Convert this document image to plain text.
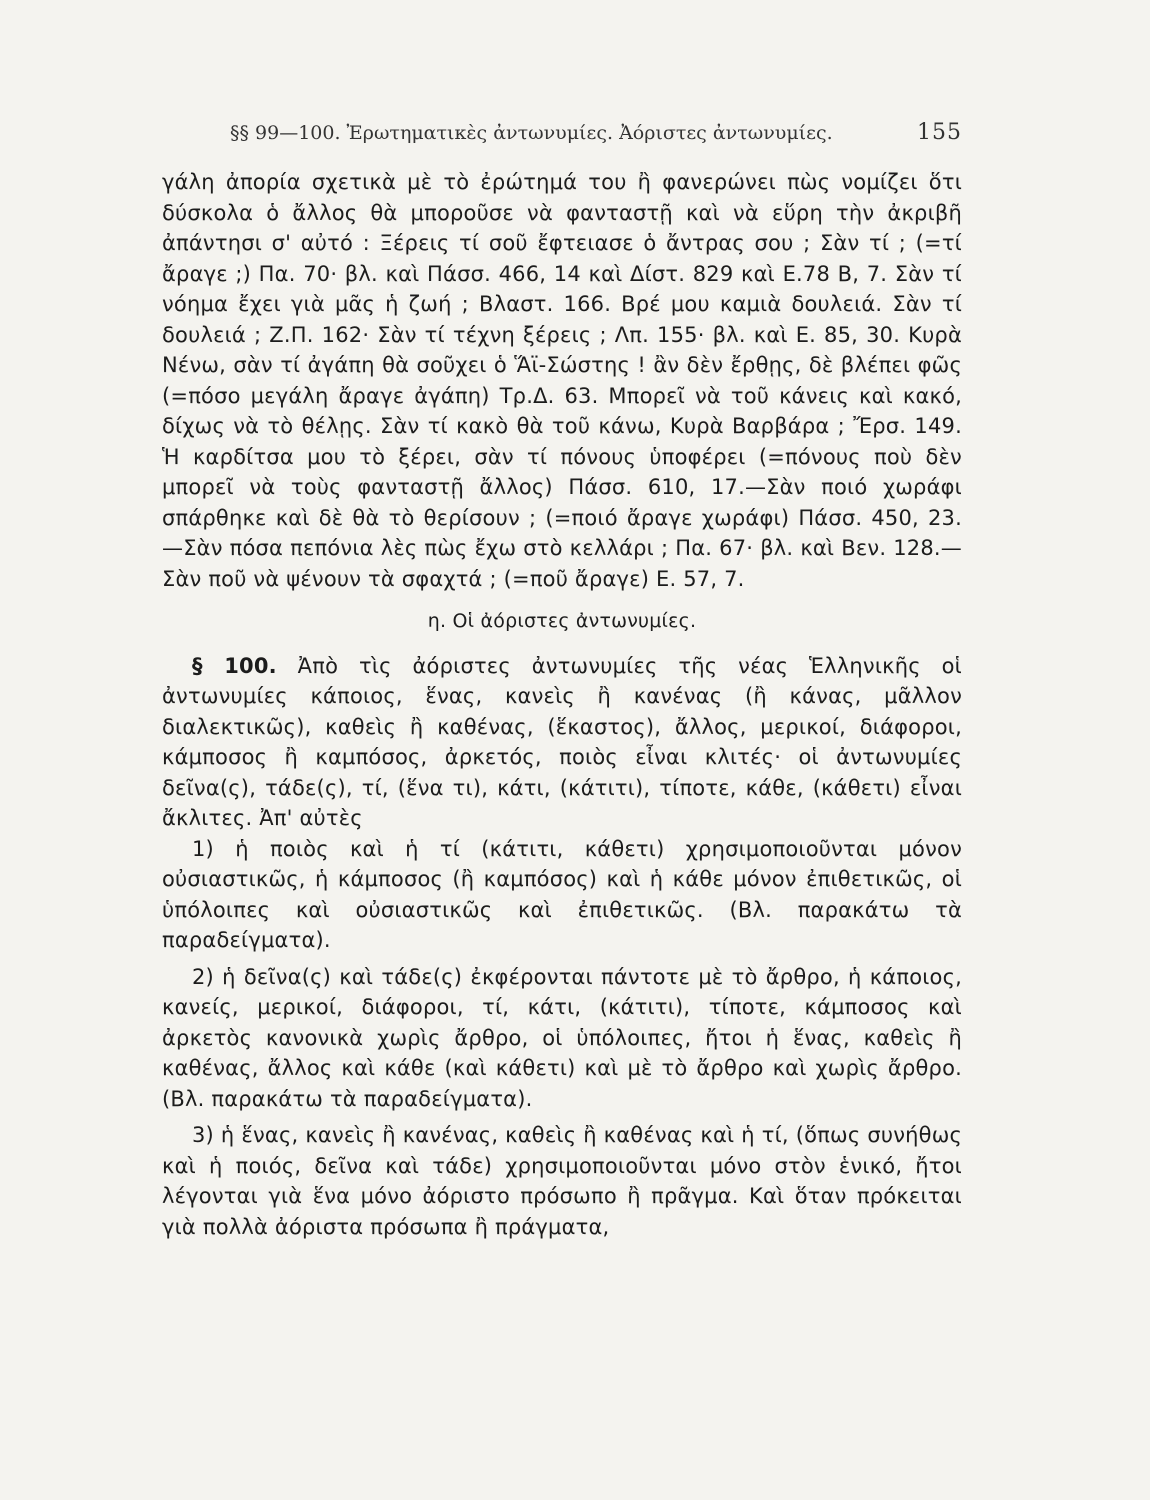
§§ 99—100. Ἐρωτηματικὲς ἀντωνυμίες. Ἀόριστες ἀντωνυμίες.	155

γάλη ἀπορία σχετικὰ μὲ τὸ ἐρώτημά του ἢ φανερώνει πὼς νομίζει ὅτι δύσκολα ὁ ἄλλος θὰ μποροῦσε νὰ φανταστῇ καὶ νὰ εὕρη τὴν ἀκριβῆ ἀπάντησι σ' αὐτό : Ξέρεις τί σοῦ ἔφτειασε ὁ ἄντρας σου ; Σὰν τί ; (=τί ἄραγε ;) Πα. 70· βλ. καὶ Πάσσ. 466, 14 καὶ Δίστ. 829 καὶ Ε.78 Β, 7. Σὰν τί νόημα ἔχει γιὰ μᾶς ἡ ζωή ; Βλαστ. 166. Βρέ μου καμιὰ δουλειά. Σὰν τί δουλειά ; Ζ.Π. 162· Σὰν τί τέχνη ξέρεις ; Λπ. 155· βλ. καὶ Ε. 85, 30. Κυρὰ Νένω, σὰν τί ἀγάπη θὰ σοῦχει ὁ Ἅϊ-Σώστης ! ἂν δὲν ἔρθῃς, δὲ βλέπει φῶς (=πόσο μεγάλη ἄραγε ἀγάπη) Τρ.Δ. 63. Μπορεῖ νὰ τοῦ κάνεις καὶ κακό, δίχως νὰ τὸ θέλῃς. Σὰν τί κακὸ θὰ τοῦ κάνω, Κυρὰ Βαρβάρα ; Ἔρσ. 149. Ἡ καρδίτσα μου τὸ ξέρει, σὰν τί πόνους ὑποφέρει (=πόνους ποὺ δὲν μπορεῖ νὰ τοὺς φανταστῇ ἄλλος) Πάσσ. 610, 17.—Σὰν ποιό χωράφι σπάρθηκε καὶ δὲ θὰ τὸ θερίσουν ; (=ποιό ἄραγε χωράφι) Πάσσ. 450, 23. —Σὰν πόσα πεπόνια λὲς πὼς ἔχω στὸ κελλάρι ; Πα. 67· βλ. καὶ Βεν. 128.—Σὰν ποῦ νὰ ψένουν τὰ σφαχτά ; (=ποῦ ἄραγε) Ε. 57, 7.

η. Οἱ ἀόριστες ἀντωνυμίες.

§ 100. Ἀπὸ τὶς ἀόριστες ἀντωνυμίες τῆς νέας Ἑλληνικῆς οἱ ἀντωνυμίες κάποιος, ἕνας, κανεὶς ἢ κανένας (ἢ κάνας, μᾶλλον διαλεκτικῶς), καθεὶς ἢ καθένας, (ἕκαστος), ἄλλος, μερικοί, διάφοροι, κάμποσος ἢ καμπόσος, ἀρκετός, ποιὸς εἶναι κλιτές· οἱ ἀντωνυμίες δεῖνα(ς), τάδε(ς), τί, (ἕνα τι), κάτι, (κάτιτι), τίποτε, κάθε, (κάθετι) εἶναι ἄκλιτες. Ἀπ' αὐτὲς

1) ἡ ποιὸς καὶ ἡ τί (κάτιτι, κάθετι) χρησιμοποιοῦνται μόνον οὐσιαστικῶς, ἡ κάμποσος (ἢ καμπόσος) καὶ ἡ κάθε μόνον ἐπιθετικῶς, οἱ ὑπόλοιπες καὶ οὐσιαστικῶς καὶ ἐπιθετικῶς. (Βλ. παρακάτω τὰ παραδείγματα).

2) ἡ δεῖνα(ς) καὶ τάδε(ς) ἐκφέρονται πάντοτε μὲ τὸ ἄρθρο, ἡ κάποιος, κανείς, μερικοί, διάφοροι, τί, κάτι, (κάτιτι), τίποτε, κάμποσος καὶ ἀρκετὸς κανονικὰ χωρὶς ἄρθρο, οἱ ὑπόλοιπες, ἤτοι ἡ ἕνας, καθεὶς ἢ καθένας, ἄλλος καὶ κάθε (καὶ κάθετι) καὶ μὲ τὸ ἄρθρο καὶ χωρὶς ἄρθρο. (Βλ. παρακάτω τὰ παραδείγματα).

3) ἡ ἕνας, κανεὶς ἢ κανένας, καθεὶς ἢ καθένας καὶ ἡ τί, (ὅπως συνήθως καὶ ἡ ποιός, δεῖνα καὶ τάδε) χρησιμοποιοῦνται μόνο στὸν ἑνικό, ἤτοι λέγονται γιὰ ἕνα μόνο ἀόριστο πρόσωπο ἢ πρᾶγμα. Καὶ ὅταν πρόκειται γιὰ πολλὰ ἀόριστα πρόσωπα ἢ πράγματα,
